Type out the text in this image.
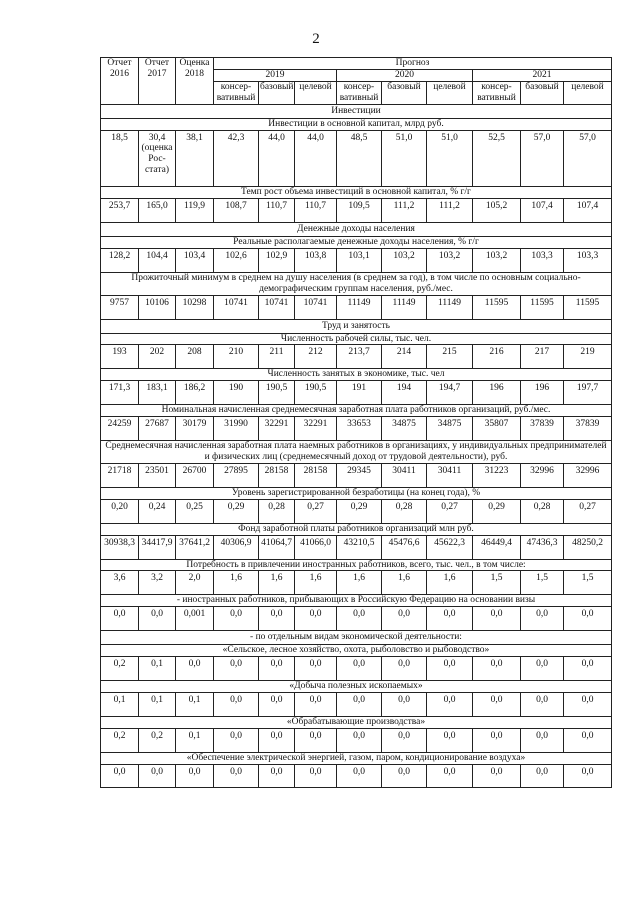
2
Отчет 2016	Отчет 2017	Оценка 2018	Прогноз								
			2019			2020			2021		
			консер-вативный	базовый	целевой	консер-вативный	базовый	целевой	консер-вативный	базовый	целевой
Инвестиции											
Инвестиции в основной капитал, млрд руб.											
18,5	30,4 (оценка Рос-стата)	38,1	42,3	44,0	44,0	48,5	51,0	51,0	52,5	57,0	57,0
Темп рост объема инвестиций в основной капитал, % г/г											
253,7	165,0	119,9	108,7	110,7	110,7	109,5	111,2	111,2	105,2	107,4	107,4
Денежные доходы населения											
Реальные располагаемые денежные доходы населения, % г/г											
128,2	104,4	103,4	102,6	102,9	103,8	103,1	103,2	103,2	103,2	103,3	103,3
Прожиточный минимум в среднем на душу населения (в среднем за год), в том числе по основным социально-демографическим группам населения, руб./мес.											
9757	10106	10298	10741	10741	10741	11149	11149	11149	11595	11595	11595
Труд и занятость											
Численность рабочей силы, тыс. чел.											
193	202	208	210	211	212	213,7	214	215	216	217	219
Численность занятых в экономике, тыс. чел											
171,3	183,1	186,2	190	190,5	190,5	191	194	194,7	196	196	197,7
Номинальная начисленная среднемесячная заработная плата работников организаций, руб./мес.											
24259	27687	30179	31990	32291	32291	33653	34875	34875	35807	37839	37839
Среднемесячная начисленная заработная плата наемных работников в организациях, у индивидуальных предпринимателей и физических лиц (среднемесячный доход от трудовой деятельности), руб.											
21718	23501	26700	27895	28158	28158	29345	30411	30411	31223	32996	32996
Уровень зарегистрированной безработицы (на конец года), %											
0,20	0,24	0,25	0,29	0,28	0,27	0,29	0,28	0,27	0,29	0,28	0,27
Фонд заработной платы работников организаций млн руб.											
30938,3	34417,9	37641,2	40306,9	41064,7	41066,0	43210,5	45476,6	45622,3	46449,4	47436,3	48250,2
Потребность в привлечении иностранных работников, всего, тыс. чел., в том числе:											
3,6	3,2	2,0	1,6	1,6	1,6	1,6	1,6	1,6	1,5	1,5	1,5
- иностранных работников, прибывающих в Российскую Федерацию на основании визы											
0,0	0,0	0,001	0,0	0,0	0,0	0,0	0,0	0,0	0,0	0,0	0,0
- по отдельным видам экономической деятельности:											
«Сельское, лесное хозяйство, охота, рыболовство и рыбоводство»											
0,2	0,1	0,0	0,0	0,0	0,0	0,0	0,0	0,0	0,0	0,0	0,0
«Добыча полезных ископаемых»											
0,1	0,1	0,1	0,0	0,0	0,0	0,0	0,0	0,0	0,0	0,0	0,0
«Обрабатывающие производства»											
0,2	0,2	0,1	0,0	0,0	0,0	0,0	0,0	0,0	0,0	0,0	0,0
«Обеспечение электрической энергией, газом, паром, кондиционирование воздуха»											
0,0	0,0	0,0	0,0	0,0	0,0	0,0	0,0	0,0	0,0	0,0	0,0
